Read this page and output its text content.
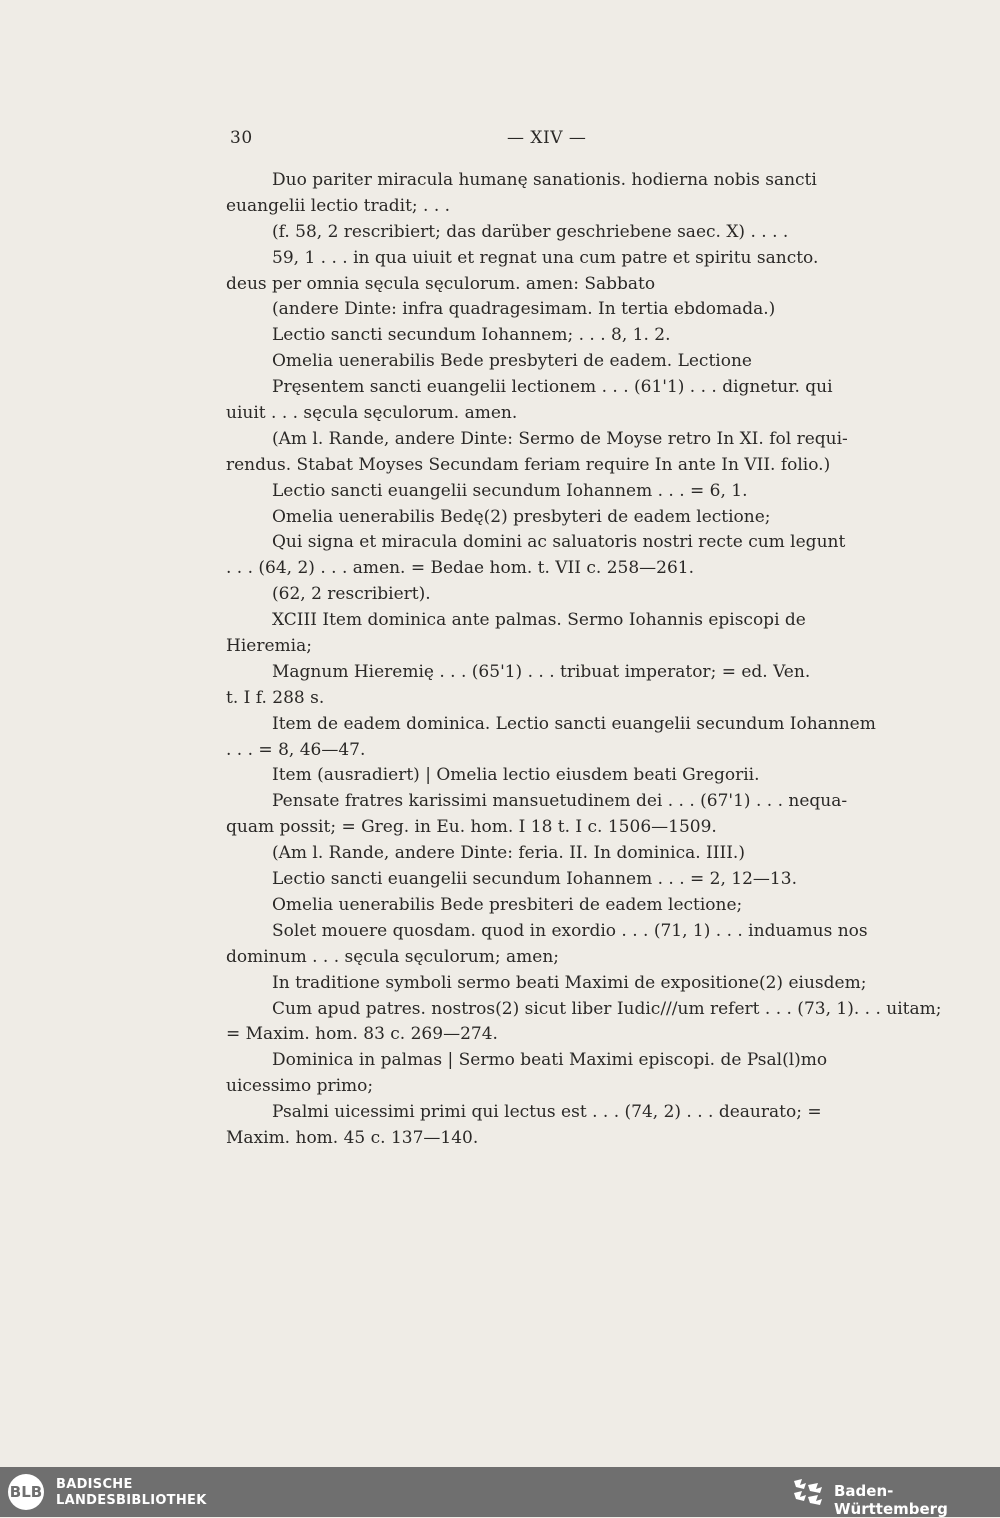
30	— XIV —
Duo pariter miracula humanę sanationis. hodierna nobis sancti
euangelii lectio tradit; . . .
(f. 58, 2 rescribiert; das darüber geschriebene saec. X) . . . .
59, 1 . . . in qua uiuit et regnat una cum patre et spiritu sancto.
deus per omnia sęcula sęculorum. amen: Sabbato
(andere Dinte: infra quadragesimam. In tertia ebdomada.)
Lectio sancti secundum Iohannem; . . . 8, 1. 2.
Omelia uenerabilis Bede presbyteri de eadem. Lectione
Pręsentem sancti euangelii lectionem . . . (61'1) . . . dignetur. qui
uiuit . . . sęcula sęculorum. amen.
(Am l. Rande, andere Dinte: Sermo de Moyse retro In XI. fol requi-
rendus. Stabat Moyses Secundam feriam require In ante In VII. folio.)
Lectio sancti euangelii secundum Iohannem . . . = 6, 1.
Omelia uenerabilis Bedę(2) presbyteri de eadem lectione;
Qui signa et miracula domini ac saluatoris nostri recte cum legunt
. . . (64, 2) . . . amen. = Bedae hom. t. VII c. 258—261.
(62, 2 rescribiert).
XCIII Item dominica ante palmas. Sermo Iohannis episcopi de
Hieremia;
Magnum Hieremię . . . (65'1) . . . tribuat imperator; = ed. Ven.
t. I f. 288 s.
Item de eadem dominica. Lectio sancti euangelii secundum Iohannem
. . . = 8, 46—47.
Item (ausradiert) | Omelia lectio eiusdem beati Gregorii.
Pensate fratres karissimi mansuetudinem dei . . . (67'1) . . . nequa-
quam possit; = Greg. in Eu. hom. I 18 t. I c. 1506—1509.
(Am l. Rande, andere Dinte: feria. II. In dominica. IIII.)
Lectio sancti euangelii secundum Iohannem . . . = 2, 12—13.
Omelia uenerabilis Bede presbiteri de eadem lectione;
Solet mouere quosdam. quod in exordio . . . (71, 1) . . . induamus nos
dominum . . . sęcula sęculorum; amen;
In traditione symboli sermo beati Maximi de expositione(2) eiusdem;
Cum apud patres. nostros(2) sicut liber Iudic///um refert . . . (73, 1). . . uitam;
= Maxim. hom. 83 c. 269—274.
Dominica in palmas | Sermo beati Maximi episcopi. de Psal(l)mo
uicessimo primo;
Psalmi uicessimi primi qui lectus est . . . (74, 2) . . . deaurato; =
Maxim. hom. 45 c. 137—140.
BLB BADISCHE
LANDESBIBLIOTHEK
Baden-Württemberg
